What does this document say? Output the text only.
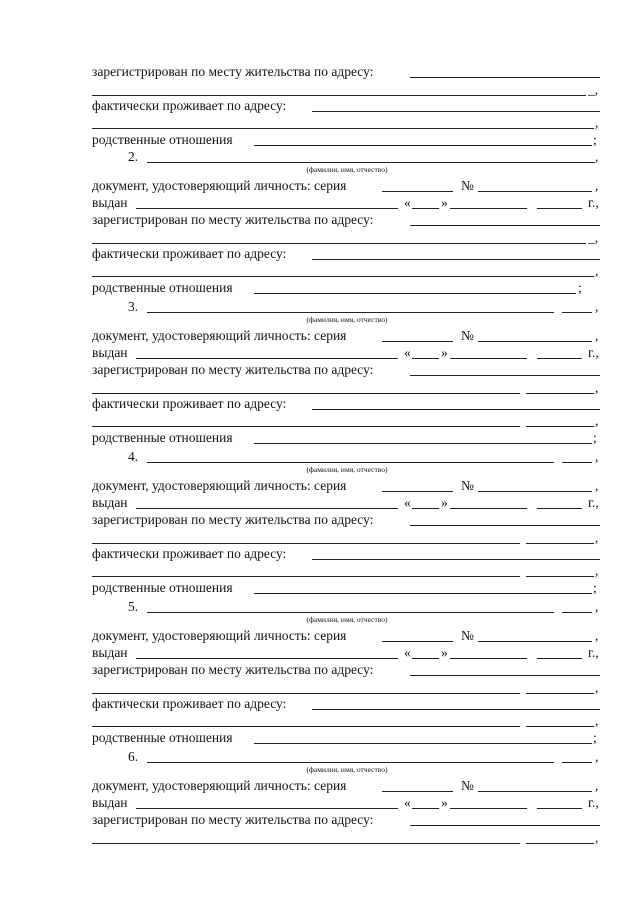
зарегистрирован по месту жительства по адресу:
_,
фактически проживает по адресу:
,
родственные отношения	;
2.	,
(фамилия, имя, отчество)
документ, удостоверяющий личность: серия	№	,
выдан	« »	г.,
зарегистрирован по месту жительства по адресу:
_,
фактически проживает по адресу:
,
родственные отношения	;
3.	,
(фамилия, имя, отчество)
документ, удостоверяющий личность: серия	№	,
выдан	« »	г.,
зарегистрирован по месту жительства по адресу:
,
фактически проживает по адресу:
,
родственные отношения	;
4.	,
(фамилия, имя, отчество)
документ, удостоверяющий личность: серия	№	,
выдан	« »	г.,
зарегистрирован по месту жительства по адресу:
,
фактически проживает по адресу:
,
родственные отношения	;
5.	,
(фамилия, имя, отчество)
документ, удостоверяющий личность: серия	№	,
выдан	« »	г.,
зарегистрирован по месту жительства по адресу:
,
фактически проживает по адресу:
,
родственные отношения	;
6.	,
(фамилия, имя, отчество)
документ, удостоверяющий личность: серия	№	,
выдан	« »	г.,
зарегистрирован по месту жительства по адресу:
,
